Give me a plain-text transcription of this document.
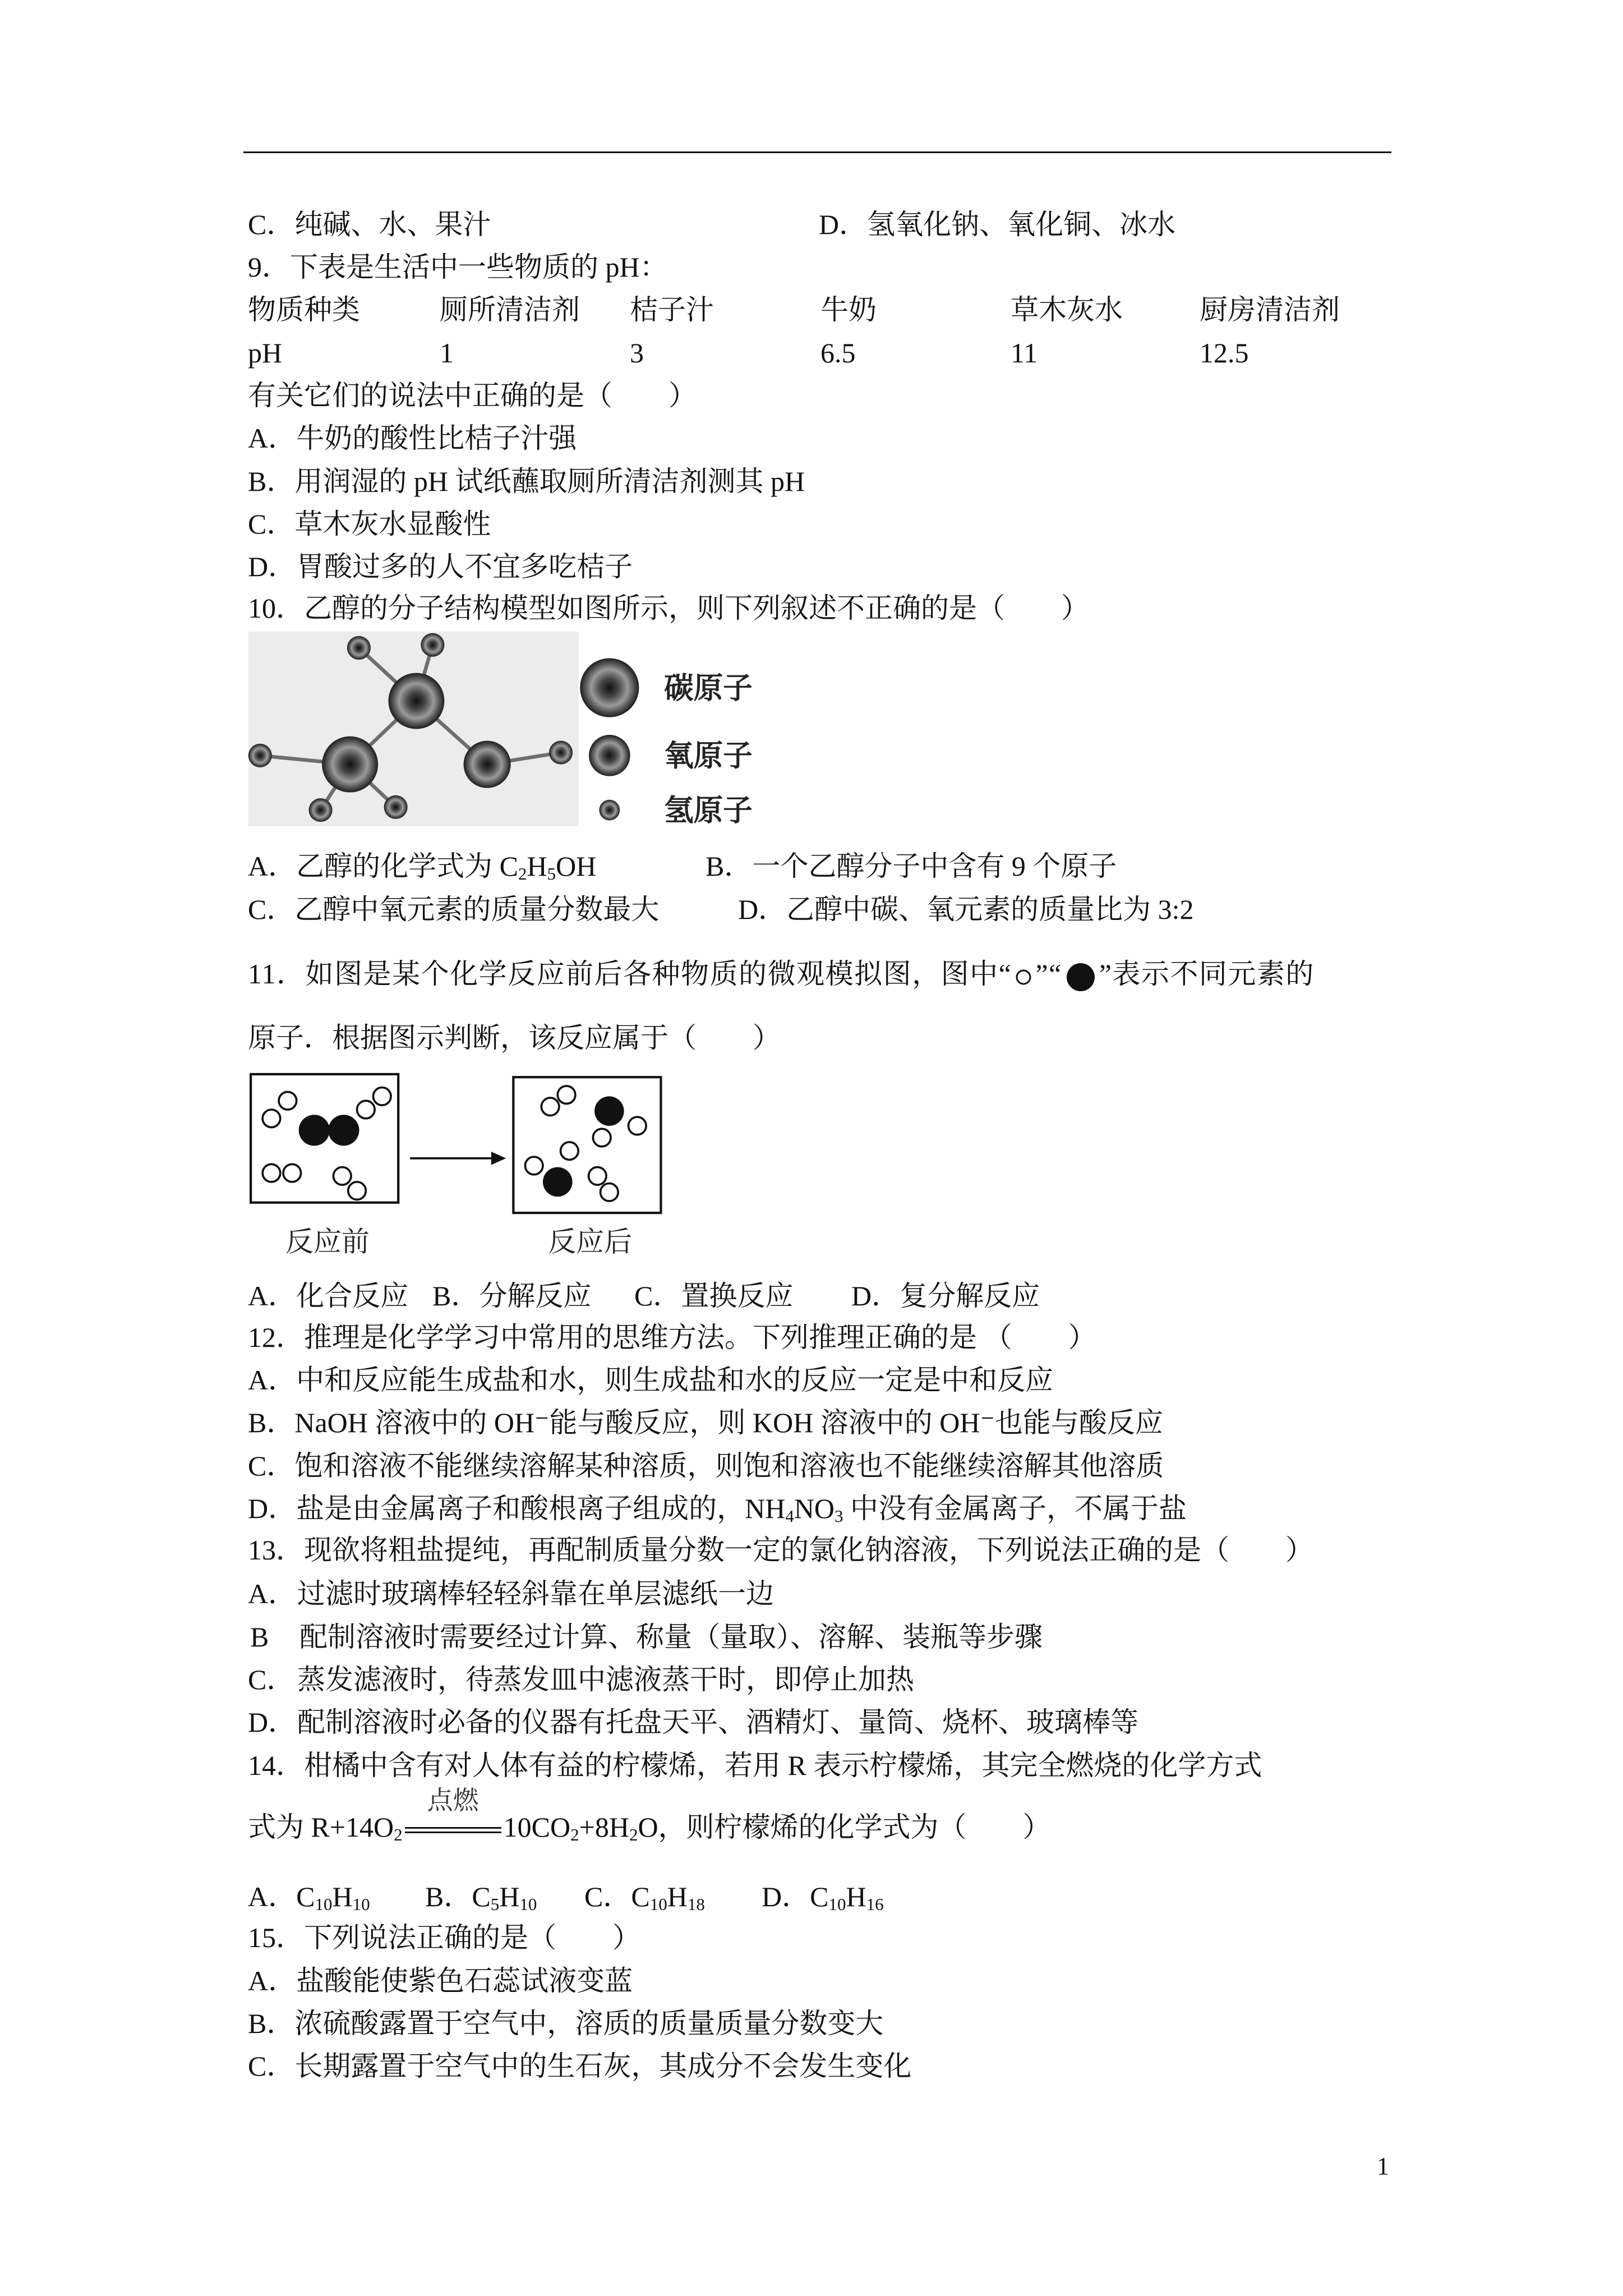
C．纯碱、水、果汁	D．氢氧化钠、氧化铜、冰水
9．下表是生活中一些物质的 pH：
物质种类	厕所清洁剂 桔子汁	牛奶	草木灰水	厨房清洁剂
pH	1	3	6.5	11	12.5
有关它们的说法中正确的是（　　）
A．牛奶的酸性比桔子汁强
B．用润湿的 pH 试纸蘸取厕所清洁剂测其 pH
C．草木灰水显酸性
D．胃酸过多的人不宜多吃桔子
10．乙醇的分子结构模型如图所示，则下列叙述不正确的是（　　）
碳原子
氧原子
氢原子
A．乙醇的化学式为 $C_2H_5OH$	B．一个乙醇分子中含有 9 个原子
C．乙醇中氧元素的质量分数最大	D．乙醇中碳、氧元素的质量比为 3:2
11．如图是某个化学反应前后各种物质的微观模拟图，图中“ ”“ ”表示不同元素的
原子．根据图示判断，该反应属于（　　）
反应前	反应后
A．化合反应 B．分解反应 C．置换反应 D．复分解反应
12．推理是化学学习中常用的思维方法。下列推理正确的是 （　　）
A．中和反应能生成盐和水，则生成盐和水的反应一定是中和反应
B．NaOH 溶液中的 OH⁻能与酸反应，则 KOH 溶液中的 OH⁻也能与酸反应
C．饱和溶液不能继续溶解某种溶质，则饱和溶液也不能继续溶解其他溶质
D．盐是由金属离子和酸根离子组成的，$NH_4NO_3$ 中没有金属离子，不属于盐
13．现欲将粗盐提纯，再配制质量分数一定的氯化钠溶液，下列说法正确的是（　　）
A． 过滤时玻璃棒轻轻斜靠在单层滤纸一边
B 配制溶液时需要经过计算、称量（量取）、溶解、装瓶等步骤
C． 蒸发滤液时，待蒸发皿中滤液蒸干时，即停止加热
D． 配制溶液时必备的仪器有托盘天平、酒精灯、量筒、烧杯、玻璃棒等
14．柑橘中含有对人体有益的柠檬烯，若用 R 表示柠檬烯，其完全燃烧的化学方式
式为 $R+14O_2$
点燃
$10CO_2+8H_2O$，则柠檬烯的化学式为（　　）
A．$C_{10}H_{10}$ B．$C_5H_{10}$ C．$C_{10}H_{18}$ D．$C_{10}H_{16}$
15．下列说法正确的是（　　）
A．盐酸能使紫色石蕊试液变蓝
B．浓硫酸露置于空气中，溶质的质量质量分数变大
C．长期露置于空气中的生石灰，其成分不会发生变化
1
